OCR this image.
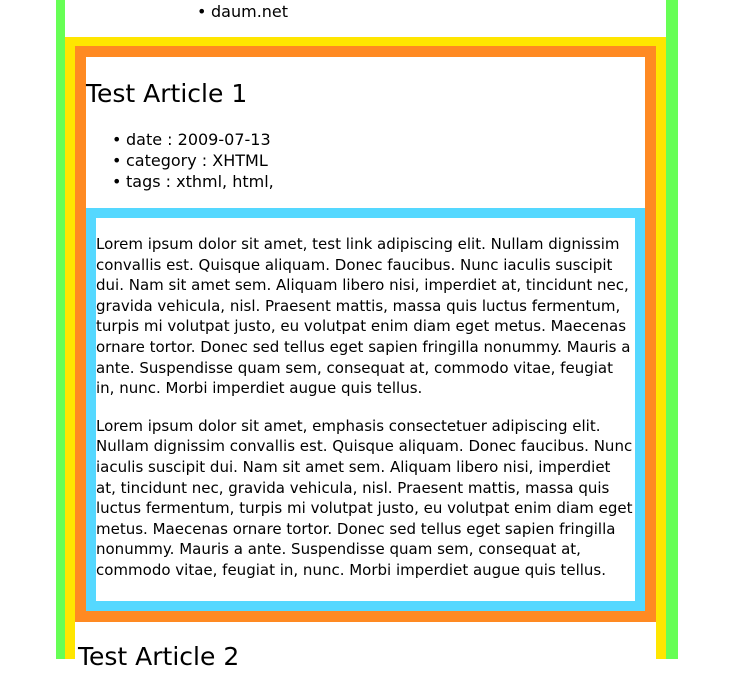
• daum.net
Test Article 1
• date : 2009-07-13
• category : XHTML
• tags : xthml, html,

Lorem ipsum dolor sit amet, test link adipiscing elit. Nullam dignissim convallis est. Quisque aliquam. Donec faucibus. Nunc iaculis suscipit dui. Nam sit amet sem. Aliquam libero nisi, imperdiet at, tincidunt nec, gravida vehicula, nisl. Praesent mattis, massa quis luctus fermentum, turpis mi volutpat justo, eu volutpat enim diam eget metus. Maecenas ornare tortor. Donec sed tellus eget sapien fringilla nonummy. Mauris a ante. Suspendisse quam sem, consequat at, commodo vitae, feugiat in, nunc. Morbi imperdiet augue quis tellus.

Lorem ipsum dolor sit amet, emphasis consectetuer adipiscing elit. Nullam dignissim convallis est. Quisque aliquam. Donec faucibus. Nunc iaculis suscipit dui. Nam sit amet sem. Aliquam libero nisi, imperdiet at, tincidunt nec, gravida vehicula, nisl. Praesent mattis, massa quis luctus fermentum, turpis mi volutpat justo, eu volutpat enim diam eget metus. Maecenas ornare tortor. Donec sed tellus eget sapien fringilla nonummy. Mauris a ante. Suspendisse quam sem, consequat at, commodo vitae, feugiat in, nunc. Morbi imperdiet augue quis tellus.

Test Article 2
